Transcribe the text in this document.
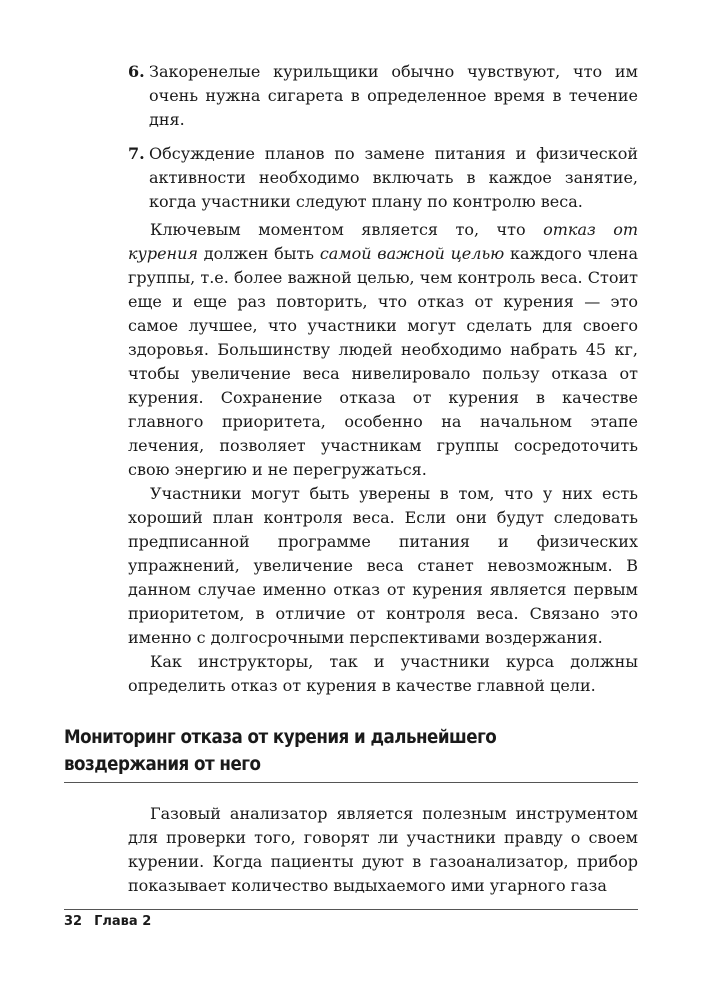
6. Закоренелые курильщики обычно чувствуют, что им очень нужна сигарета в определенное время в течение дня.
7. Обсуждение планов по замене питания и физической активности необходимо включать в каждое занятие, когда участники следуют плану по контролю веса.

Ключевым моментом является то, что отказ от курения должен быть самой важной целью каждого члена группы, т.е. более важной целью, чем контроль веса. Стоит еще и еще раз повторить, что отказ от курения — это самое лучшее, что участники могут сделать для своего здоровья. Большинству людей необходимо набрать 45 кг, чтобы увеличение веса нивелировало пользу отказа от курения. Сохранение отказа от курения в качестве главного приоритета, особенно на начальном этапе лечения, позволяет участникам группы сосредоточить свою энергию и не перегружаться.

Участники могут быть уверены в том, что у них есть хороший план контроля веса. Если они будут следовать предписанной программе питания и физических упражнений, увеличение веса станет невозможным. В данном случае именно отказ от курения является первым приоритетом, в отличие от контроля веса. Связано это именно с долгосрочными перспективами воздержания.

Как инструкторы, так и участники курса должны определить отказ от курения в качестве главной цели.

Мониторинг отказа от курения и дальнейшего воздержания от него

Газовый анализатор является полезным инструментом для проверки того, говорят ли участники правду о своем курении. Когда пациенты дуют в газоанализатор, прибор показывает количество выдыхаемого ими угарного газа

32 Глава 2
